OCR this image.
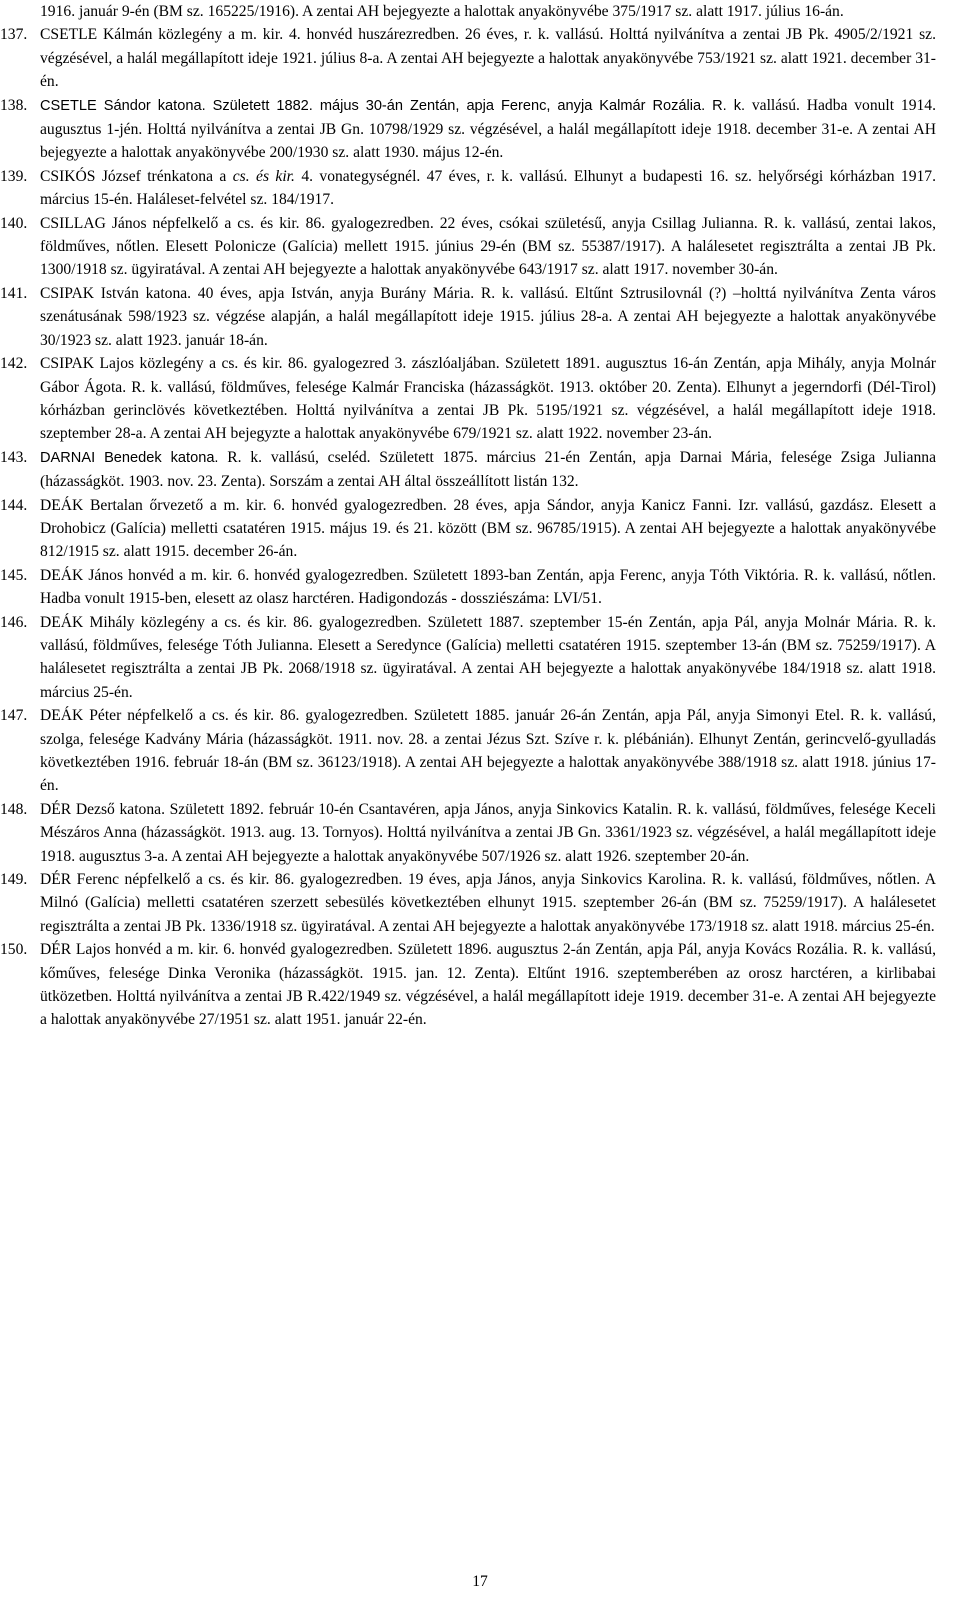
1916. január 9-én (BM sz. 165225/1916). A zentai AH bejegyezte a halottak anyakönyvébe 375/1917 sz. alatt 1917. július 16-án.
137. CSETLE Kálmán közlegény a m. kir. 4. honvéd huszárezredben. 26 éves, r. k. vallású. Holttá nyilvánítva a zentai JB Pk. 4905/2/1921 sz. végzésével, a halál megállapított ideje 1921. július 8-a. A zentai AH bejegyezte a halottak anyakönyvébe 753/1921 sz. alatt 1921. december 31-én.
138. CSETLE Sándor katona. Született 1882. május 30-án Zentán, apja Ferenc, anyja Kalmár Rozália. R. k. vallású. Hadba vonult 1914. augusztus 1-jén. Holttá nyilvánítva a zentai JB Gn. 10798/1929 sz. végzésével, a halál megállapított ideje 1918. december 31-e. A zentai AH bejegyezte a halottak anyakönyvébe 200/1930 sz. alatt 1930. május 12-én.
139. CSIKÓS József trénkatona a cs. és kir. 4. vonategységnél. 47 éves, r. k. vallású. Elhunyt a budapesti 16. sz. helyőrségi kórházban 1917. március 15-én. Haláleset-felvétel sz. 184/1917.
140. CSILLAG János népfelkelő a cs. és kir. 86. gyalogezredben. 22 éves, csókai születésű, anyja Csillag Julianna. R. k. vallású, zentai lakos, földműves, nőtlen. Elesett Polonicze (Galícia) mellett 1915. június 29-én (BM sz. 55387/1917). A halálesetet regisztrálta a zentai JB Pk. 1300/1918 sz. ügyiratával. A zentai AH bejegyezte a halottak anyakönyvébe 643/1917 sz. alatt 1917. november 30-án.
141. CSIPAK István katona. 40 éves, apja István, anyja Burány Mária. R. k. vallású. Eltűnt Sztrusilovnál (?) –holttá nyilvánítva Zenta város szenátusának 598/1923 sz. végzése alapján, a halál megállapított ideje 1915. július 28-a. A zentai AH bejegyezte a halottak anyakönyvébe 30/1923 sz. alatt 1923. január 18-án.
142. CSIPAK Lajos közlegény a cs. és kir. 86. gyalogezred 3. zászlóaljában. Született 1891. augusztus 16-án Zentán, apja Mihály, anyja Molnár Gábor Ágota. R. k. vallású, földműves, felesége Kalmár Franciska (házasságköt. 1913. október 20. Zenta). Elhunyt a jegerndorfi (Dél-Tirol) kórházban gerinclövés következtében. Holttá nyilvánítva a zentai JB Pk. 5195/1921 sz. végzésével, a halál megállapított ideje 1918. szeptember 28-a. A zentai AH bejegyzte a halottak anyakönyvébe 679/1921 sz. alatt 1922. november 23-án.
143. DARNAI Benedek katona. R. k. vallású, cseléd. Született 1875. március 21-én Zentán, apja Darnai Mária, felesége Zsiga Julianna (házasságköt. 1903. nov. 23. Zenta). Sorszám a zentai AH által összeállított listán 132.
144. DEÁK Bertalan őrvezető a m. kir. 6. honvéd gyalogezredben. 28 éves, apja Sándor, anyja Kanicz Fanni. Izr. vallású, gazdász. Elesett a Drohobicz (Galícia) melletti csatatéren 1915. május 19. és 21. között (BM sz. 96785/1915). A zentai AH bejegyezte a halottak anyakönyvébe 812/1915 sz. alatt 1915. december 26-án.
145. DEÁK János honvéd a m. kir. 6. honvéd gyalogezredben. Született 1893-ban Zentán, apja Ferenc, anyja Tóth Viktória. R. k. vallású, nőtlen. Hadba vonult 1915-ben, elesett az olasz harctéren. Hadigondozás - dossziészáma: LVI/51.
146. DEÁK Mihály közlegény a cs. és kir. 86. gyalogezredben. Született 1887. szeptember 15-én Zentán, apja Pál, anyja Molnár Mária. R. k. vallású, földműves, felesége Tóth Julianna. Elesett a Seredynce (Galícia) melletti csatatéren 1915. szeptember 13-án (BM sz. 75259/1917). A halálesetet regisztrálta a zentai JB Pk. 2068/1918 sz. ügyiratával. A zentai AH bejegyezte a halottak anyakönyvébe 184/1918 sz. alatt 1918. március 25-én.
147. DEÁK Péter népfelkelő a cs. és kir. 86. gyalogezredben. Született 1885. január 26-án Zentán, apja Pál, anyja Simonyi Etel. R. k. vallású, szolga, felesége Kadvány Mária (házasságköt. 1911. nov. 28. a zentai Jézus Szt. Szíve r. k. plébánián). Elhunyt Zentán, gerincvelő-gyulladás következtében 1916. február 18-án (BM sz. 36123/1918). A zentai AH bejegyezte a halottak anyakönyvébe 388/1918 sz. alatt 1918. június 17-én.
148. DÉR Dezső katona. Született 1892. február 10-én Csantavéren, apja János, anyja Sinkovics Katalin. R. k. vallású, földműves, felesége Keceli Mészáros Anna (házasságköt. 1913. aug. 13. Tornyos). Holttá nyilvánítva a zentai JB Gn. 3361/1923 sz. végzésével, a halál megállapított ideje 1918. augusztus 3-a. A zentai AH bejegyezte a halottak anyakönyvébe 507/1926 sz. alatt 1926. szeptember 20-án.
149. DÉR Ferenc népfelkelő a cs. és kir. 86. gyalogezredben. 19 éves, apja János, anyja Sinkovics Karolina. R. k. vallású, földműves, nőtlen. A Milnó (Galícia) melletti csatatéren szerzett sebesülés következtében elhunyt 1915. szeptember 26-án (BM sz. 75259/1917). A halálesetet regisztrálta a zentai JB Pk. 1336/1918 sz. ügyiratával. A zentai AH bejegyezte a halottak anyakönyvébe 173/1918 sz. alatt 1918. március 25-én.
150. DÉR Lajos honvéd a m. kir. 6. honvéd gyalogezredben. Született 1896. augusztus 2-án Zentán, apja Pál, anyja Kovács Rozália. R. k. vallású, kőműves, felesége Dinka Veronika (házasságköt. 1915. jan. 12. Zenta). Eltűnt 1916. szeptemberében az orosz harctéren, a kirlibabai ütközetben. Holttá nyilvánítva a zentai JB R.422/1949 sz. végzésével, a halál megállapított ideje 1919. december 31-e. A zentai AH bejegyezte a halottak anyakönyvébe 27/1951 sz. alatt 1951. január 22-én.
17
